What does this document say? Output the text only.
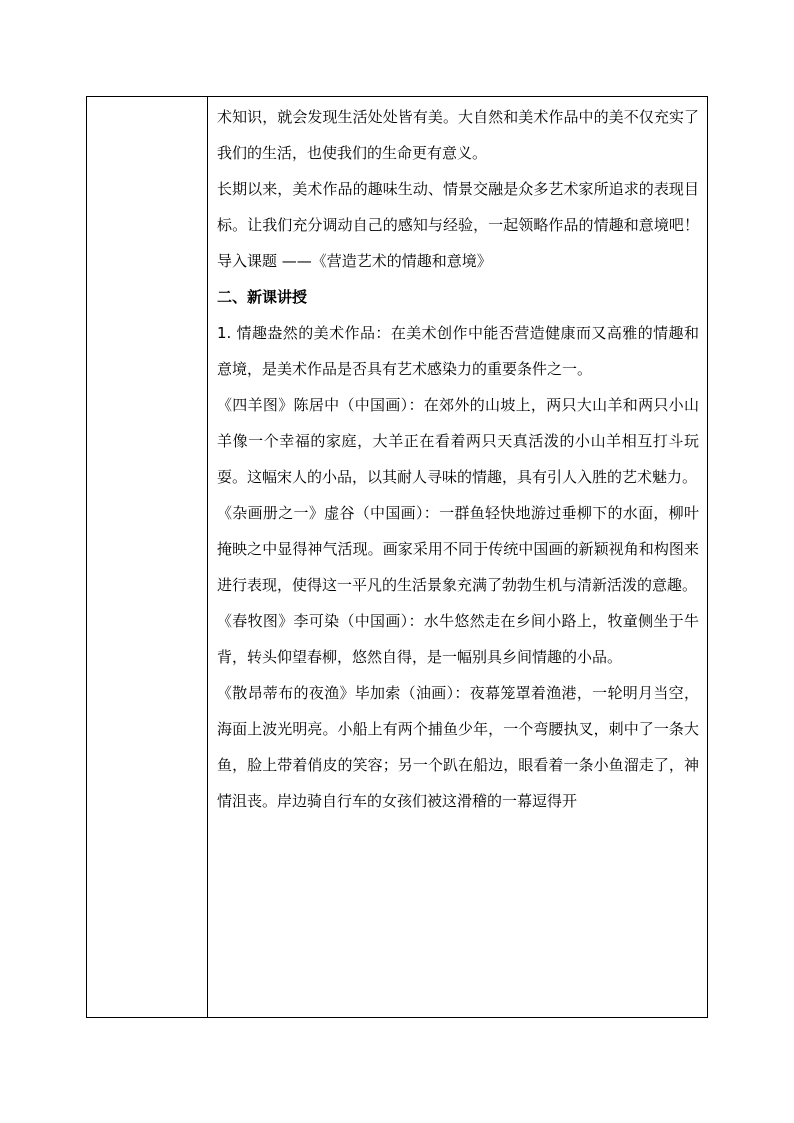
术知识，就会发现生活处处皆有美。大自然和美术作品中的美不仅充实了我们的生活，也使我们的生命更有意义。

长期以来，美术作品的趣味生动、情景交融是众多艺术家所追求的表现目标。让我们充分调动自己的感知与经验，一起领略作品的情趣和意境吧！导入课题 ——《营造艺术的情趣和意境》

二、新课讲授

1. 情趣盎然的美术作品：在美术创作中能否营造健康而又高雅的情趣和意境，是美术作品是否具有艺术感染力的重要条件之一。

《四羊图》陈居中（中国画）：在郊外的山坡上，两只大山羊和两只小山羊像一个幸福的家庭，大羊正在看着两只天真活泼的小山羊相互打斗玩耍。这幅宋人的小品，以其耐人寻味的情趣，具有引人入胜的艺术魅力。

《杂画册之一》虚谷（中国画）：一群鱼轻快地游过垂柳下的水面，柳叶掩映之中显得神气活现。画家采用不同于传统中国画的新颖视角和构图来进行表现，使得这一平凡的生活景象充满了勃勃生机与清新活泼的意趣。

《春牧图》李可染（中国画）：水牛悠然走在乡间小路上，牧童侧坐于牛背，转头仰望春柳，悠然自得，是一幅别具乡间情趣的小品。

《散昂蒂布的夜渔》毕加索（油画）：夜幕笼罩着渔港，一轮明月当空，海面上波光明亮。小船上有两个捕鱼少年，一个弯腰执叉，刺中了一条大鱼，脸上带着俏皮的笑容；另一个趴在船边，眼看着一条小鱼溜走了，神情沮丧。岸边骑自行车的女孩们被这滑稽的一幕逗得开
